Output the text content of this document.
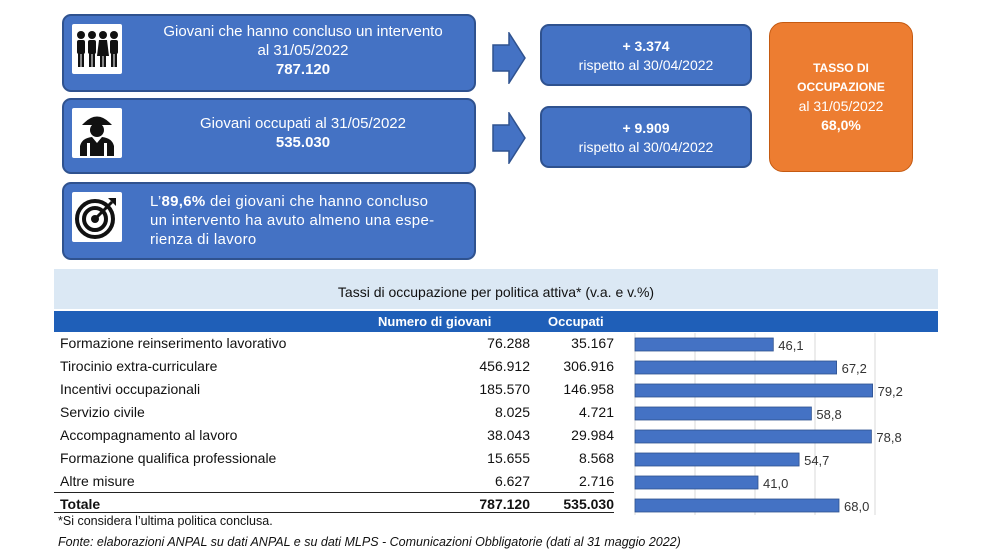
Giovani che hanno concluso un intervento
al 31/05/2022
787.120
Giovani occupati al 31/05/2022
535.030
L’89,6% dei giovani che hanno concluso
un intervento ha avuto almeno una espe-
rienza di lavoro
+ 3.374
rispetto al 30/04/2022
+ 9.909
rispetto al 30/04/2022
TASSO DI
OCCUPAZIONE
al 31/05/2022
68,0%
Tassi di occupazione per politica attiva* (v.a. e v.%)
Numero di giovani	Occupati
Formazione reinserimento lavorativo	76.288	35.167
Tirocinio extra-curriculare	456.912	306.916
Incentivi occupazionali	185.570	146.958
Servizio civile	8.025	4.721
Accompagnamento al lavoro	38.043	29.984
Formazione qualifica professionale	15.655	8.568
Altre misure	6.627	2.716
Totale	787.120	535.030
46,1
67,2
79,2
58,8
78,8
54,7
41,0
68,0
*Si considera l’ultima politica conclusa.
Fonte: elaborazioni ANPAL su dati ANPAL e su dati MLPS - Comunicazioni Obbligatorie (dati al 31 maggio 2022)
